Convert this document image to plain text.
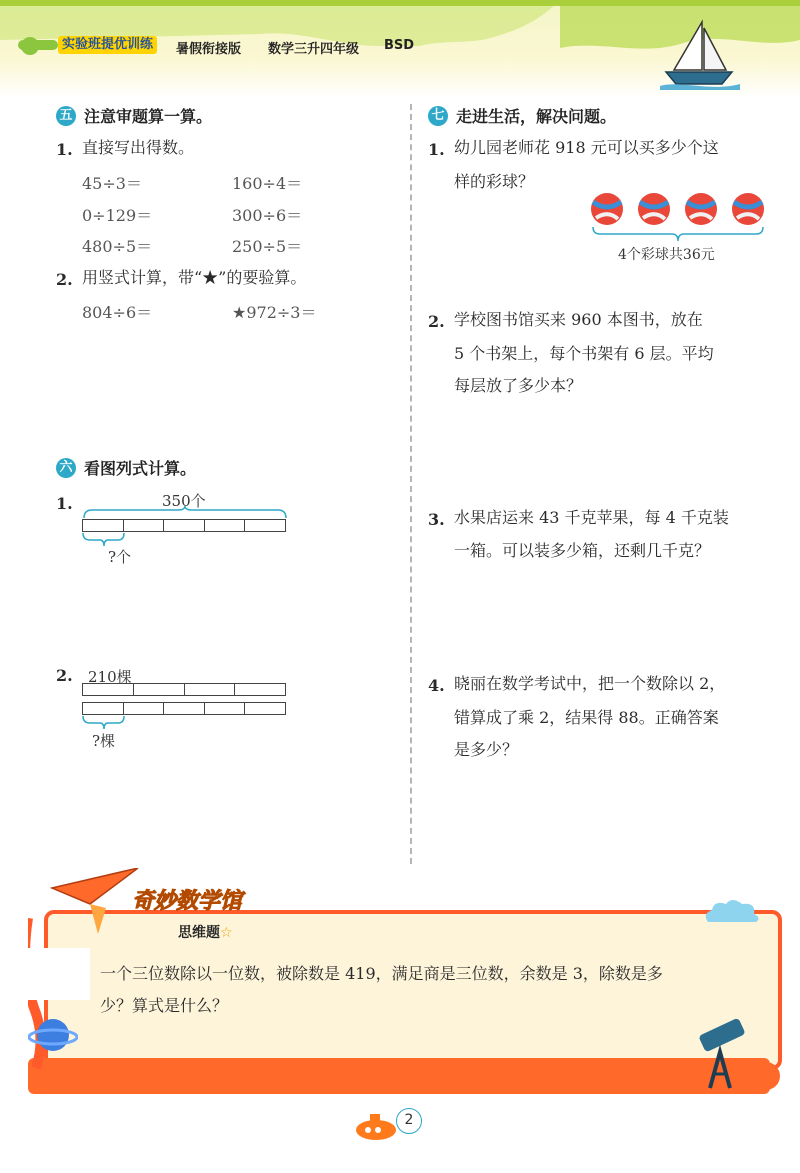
实验班提优训练	暑假衔接版 数学三升四年级 BSD
五 注意审题算一算。
1. 直接写出得数。
45÷3＝	160÷4＝
0÷129＝	300÷6＝
480÷5＝	250÷5＝
2. 用竖式计算，带“★”的要验算。
804÷6＝	★972÷3＝
六 看图列式计算。
1.	350个
?个
2. 210棵
?棵
七 走进生活，解决问题。
1. 幼儿园老师花 918 元可以买多少个这
样的彩球？
4个彩球共36元
2. 学校图书馆买来 960 本图书，放在
5 个书架上，每个书架有 6 层。平均
每层放了多少本？
3. 水果店运来 43 千克苹果，每 4 千克装
一箱。可以装多少箱，还剩几千克？
4. 晓丽在数学考试中，把一个数除以 2，
错算成了乘 2，结果得 88。正确答案
是多少？
奇妙数学馆
思维题☆
一个三位数除以一位数，被除数是 419，满足商是三位数，余数是 3，除数是多
少？算式是什么？
2
